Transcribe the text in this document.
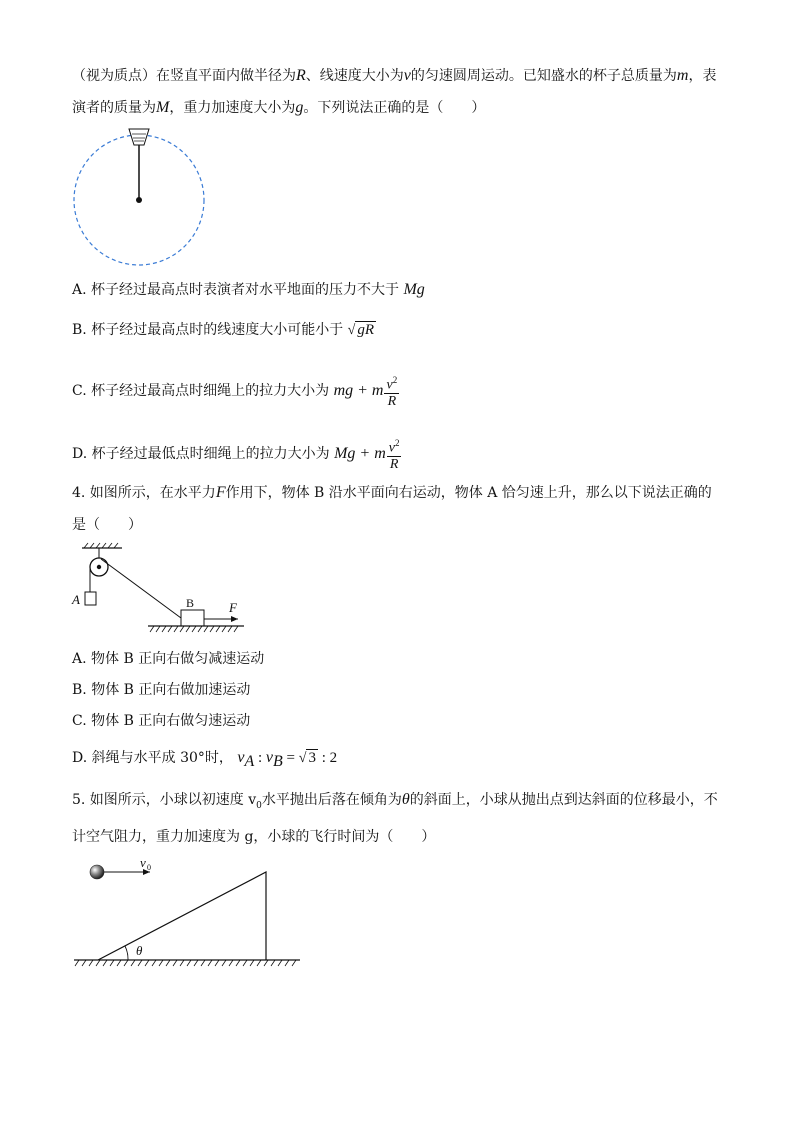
（视为质点）在竖直平面内做半径为R、线速度大小为v的匀速圆周运动。已知盛水的杯子总质量为m，表
演者的质量为M，重力加速度大小为g。下列说法正确的是（　　）
A. 杯子经过最高点时表演者对水平地面的压力不大于 Mg
B. 杯子经过最高点时的线速度大小可能小于 √ gR
C. 杯子经过最高点时细绳上的拉力大小为 mg + m $\frac{v^2}{R}$
D. 杯子经过最低点时细绳上的拉力大小为 Mg + m $\frac{v^2}{R}$
4. 如图所示，在水平力F作用下，物体 B 沿水平面向右运动，物体 A 恰匀速上升，那么以下说法正确的
是（　　）
A	B	F
A. 物体 B 正向右做匀减速运动
B. 物体 B 正向右做加速运动
C. 物体 B 正向右做匀速运动
D. 斜绳与水平成 30°时， $v_A$ : $v_B$ = √ 3 : 2
5. 如图所示，小球以初速度 $v_0$水平抛出后落在倾角为θ的斜面上，小球从抛出点到达斜面的位移最小，不
计空气阻力，重力加速度为 g，小球的飞行时间为（　　）
v 0
θ
